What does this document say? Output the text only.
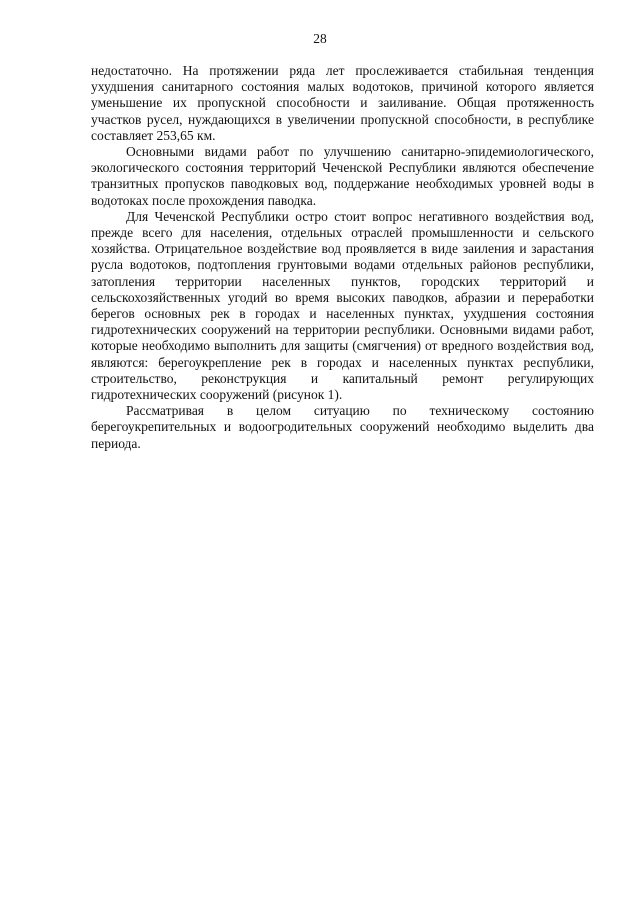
28

недостаточно. На протяжении ряда лет прослеживается стабильная тенденция ухудшения санитарного состояния малых водотоков, причиной которого является уменьшение их пропускной способности и заиливание. Общая протяженность участков русел, нуждающихся в увеличении пропускной способности, в республике составляет 253,65 км.

Основными видами работ по улучшению санитарно-эпидемиологического, экологического состояния территорий Чеченской Республики являются обеспечение транзитных пропусков паводковых вод, поддержание необходимых уровней воды в водотоках после прохождения паводка.

Для Чеченской Республики остро стоит вопрос негативного воздействия вод, прежде всего для населения, отдельных отраслей промышленности и сельского хозяйства. Отрицательное воздействие вод проявляется в виде заиления и зарастания русла водотоков, подтопления грунтовыми водами отдельных районов республики, затопления территории населенных пунктов, городских территорий и сельскохозяйственных угодий во время высоких паводков, абразии и переработки берегов основных рек в городах и населенных пунктах, ухудшения состояния гидротехнических сооружений на территории республики. Основными видами работ, которые необходимо выполнить для защиты (смягчения) от вредного воздействия вод, являются: берегоукрепление рек в городах и населенных пунктах республики, строительство, реконструкция и капитальный ремонт регулирующих гидротехнических сооружений (рисунок 1).

Рассматривая в целом ситуацию по техническому состоянию берегоукрепительных и водоогродительных сооружений необходимо выделить два периода.
